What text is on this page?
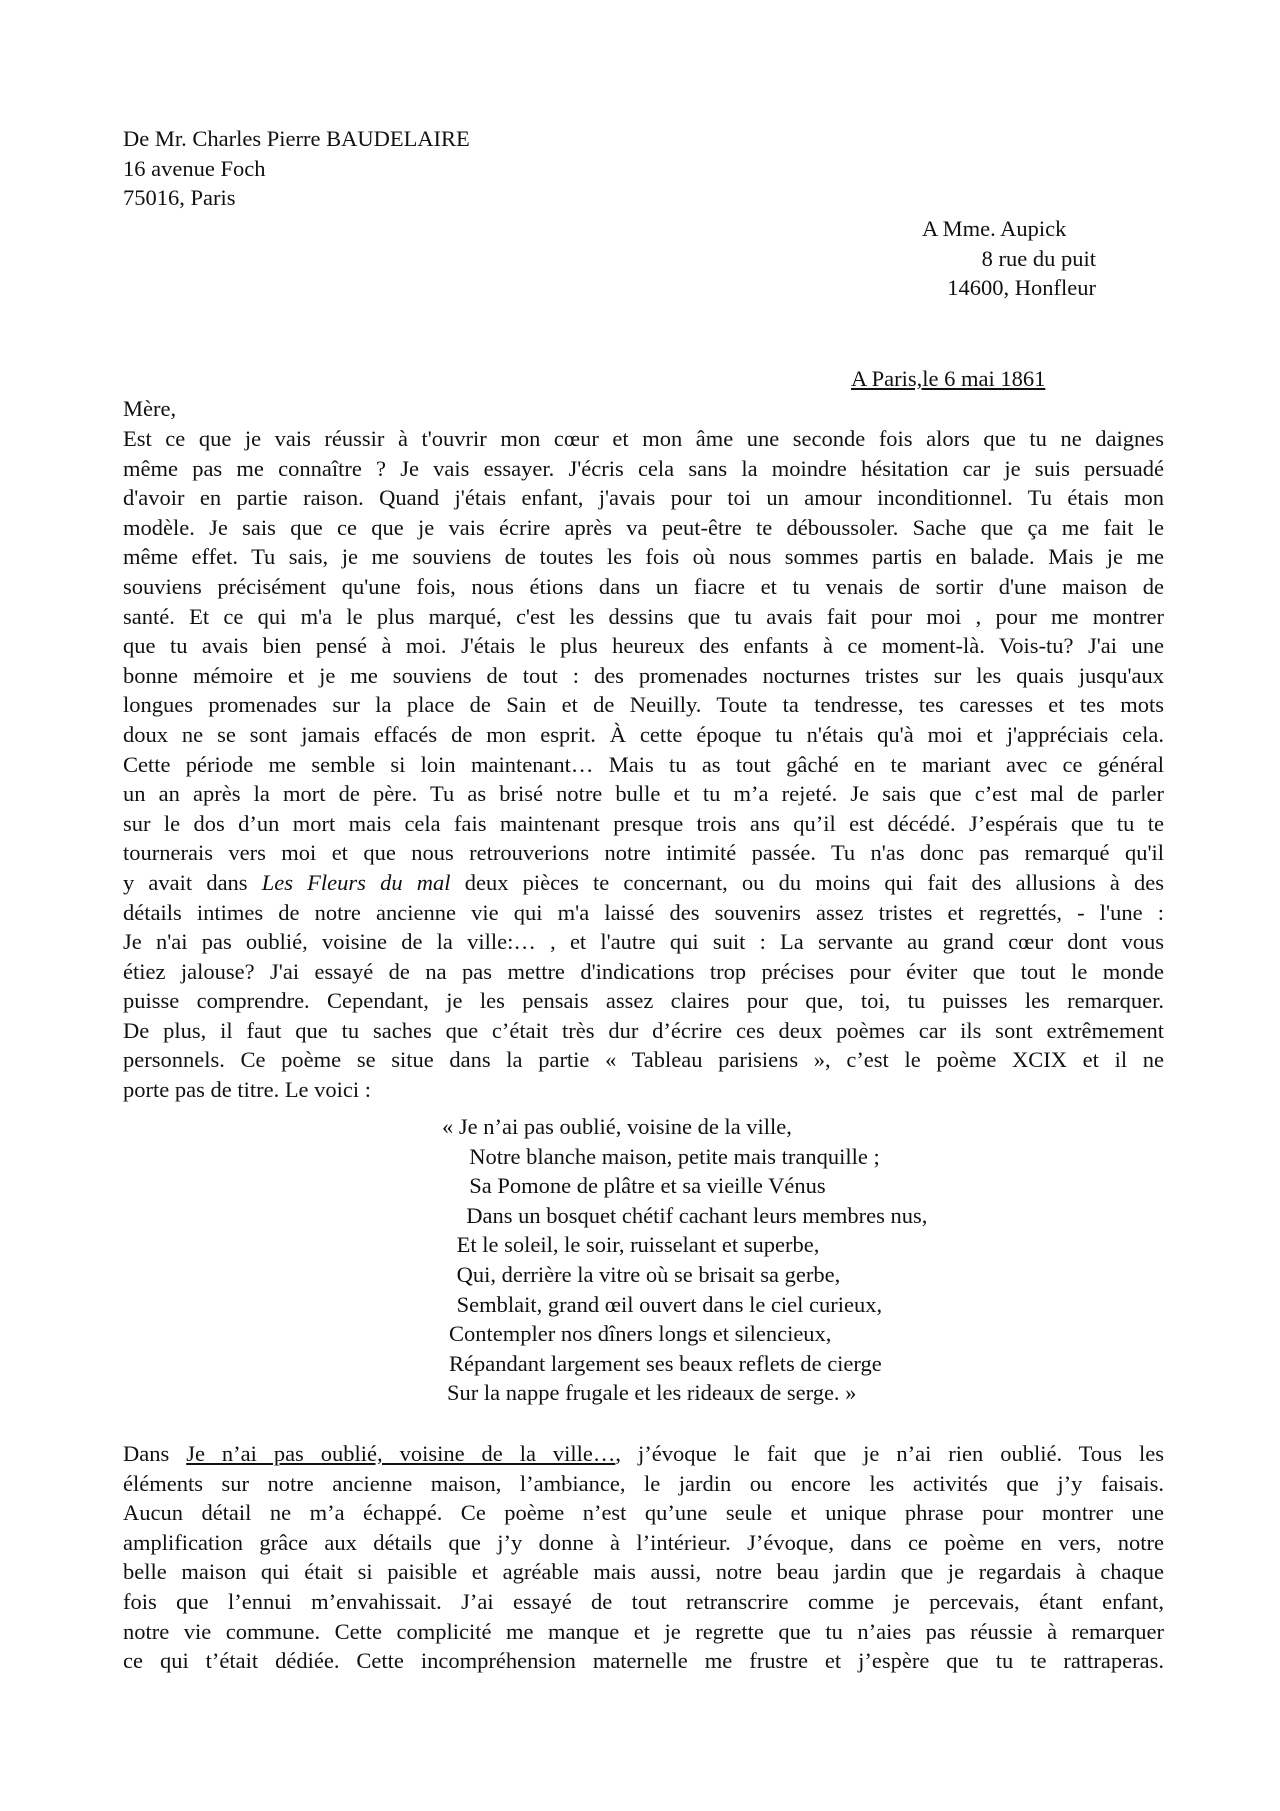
De Mr. Charles Pierre BAUDELAIRE
16 avenue Foch
75016, Paris
A Mme. Aupick
8 rue du puit
14600, Honfleur
A Paris,le 6 mai 1861
Mère,
Est ce que je vais réussir à t'ouvrir mon cœur et mon âme une seconde fois alors que tu ne daignes
même pas me connaître ? Je vais essayer. J'écris cela sans la moindre hésitation car je suis persuadé
d'avoir en partie raison. Quand j'étais enfant, j'avais pour toi un amour inconditionnel. Tu étais mon
modèle. Je sais que ce que je vais écrire après va peut-être te déboussoler. Sache que ça me fait le
même effet. Tu sais, je me souviens de toutes les fois où nous sommes partis en balade. Mais je me
souviens précisément qu'une fois, nous étions dans un fiacre et tu venais de sortir d'une maison de
santé. Et ce qui m'a le plus marqué, c'est les dessins que tu avais fait pour moi , pour me montrer
que tu avais bien pensé à moi. J'étais le plus heureux des enfants à ce moment-là. Vois-tu? J'ai une
bonne mémoire et je me souviens de tout : des promenades nocturnes tristes sur les quais jusqu'aux
longues promenades sur la place de Sain et de Neuilly. Toute ta tendresse, tes caresses et tes mots
doux ne se sont jamais effacés de mon esprit. À cette époque tu n'étais qu'à moi et j'appréciais cela.
Cette période me semble si loin maintenant… Mais tu as tout gâché en te mariant avec ce général
un an après la mort de père. Tu as brisé notre bulle et tu m’a rejeté. Je sais que c’est mal de parler
sur le dos d’un mort mais cela fais maintenant presque trois ans qu’il est décédé. J’espérais que tu te
tournerais vers moi et que nous retrouverions notre intimité passée. Tu n'as donc pas remarqué qu'il
y avait dans Les Fleurs du mal deux pièces te concernant, ou du moins qui fait des allusions à des
détails intimes de notre ancienne vie qui m'a laissé des souvenirs assez tristes et regrettés, - l'une :
Je n'ai pas oublié, voisine de la ville:… , et l'autre qui suit : La servante au grand cœur dont vous
étiez jalouse? J'ai essayé de na pas mettre d'indications trop précises pour éviter que tout le monde
puisse comprendre. Cependant, je les pensais assez claires pour que, toi, tu puisses les remarquer.
De plus, il faut que tu saches que c’était très dur d’écrire ces deux poèmes car ils sont extrêmement
personnels. Ce poème se situe dans la partie « Tableau parisiens », c’est le poème XCIX et il ne
porte pas de titre. Le voici :
« Je n’ai pas oublié, voisine de la ville,
Notre blanche maison, petite mais tranquille ;
Sa Pomone de plâtre et sa vieille Vénus
Dans un bosquet chétif cachant leurs membres nus,
Et le soleil, le soir, ruisselant et superbe,
Qui, derrière la vitre où se brisait sa gerbe,
Semblait, grand œil ouvert dans le ciel curieux,
Contempler nos dîners longs et silencieux,
Répandant largement ses beaux reflets de cierge
Sur la nappe frugale et les rideaux de serge. »
Dans Je n’ai pas oublié, voisine de la ville…, j’évoque le fait que je n’ai rien oublié. Tous les
éléments sur notre ancienne maison, l’ambiance, le jardin ou encore les activités que j’y faisais.
Aucun détail ne m’a échappé. Ce poème n’est qu’une seule et unique phrase pour montrer une
amplification grâce aux détails que j’y donne à l’intérieur. J’évoque, dans ce poème en vers, notre
belle maison qui était si paisible et agréable mais aussi, notre beau jardin que je regardais à chaque
fois que l’ennui m’envahissait. J’ai essayé de tout retranscrire comme je percevais, étant enfant,
notre vie commune. Cette complicité me manque et je regrette que tu n’aies pas réussie à remarquer
ce qui t’était dédiée. Cette incompréhension maternelle me frustre et j’espère que tu te rattraperas.
